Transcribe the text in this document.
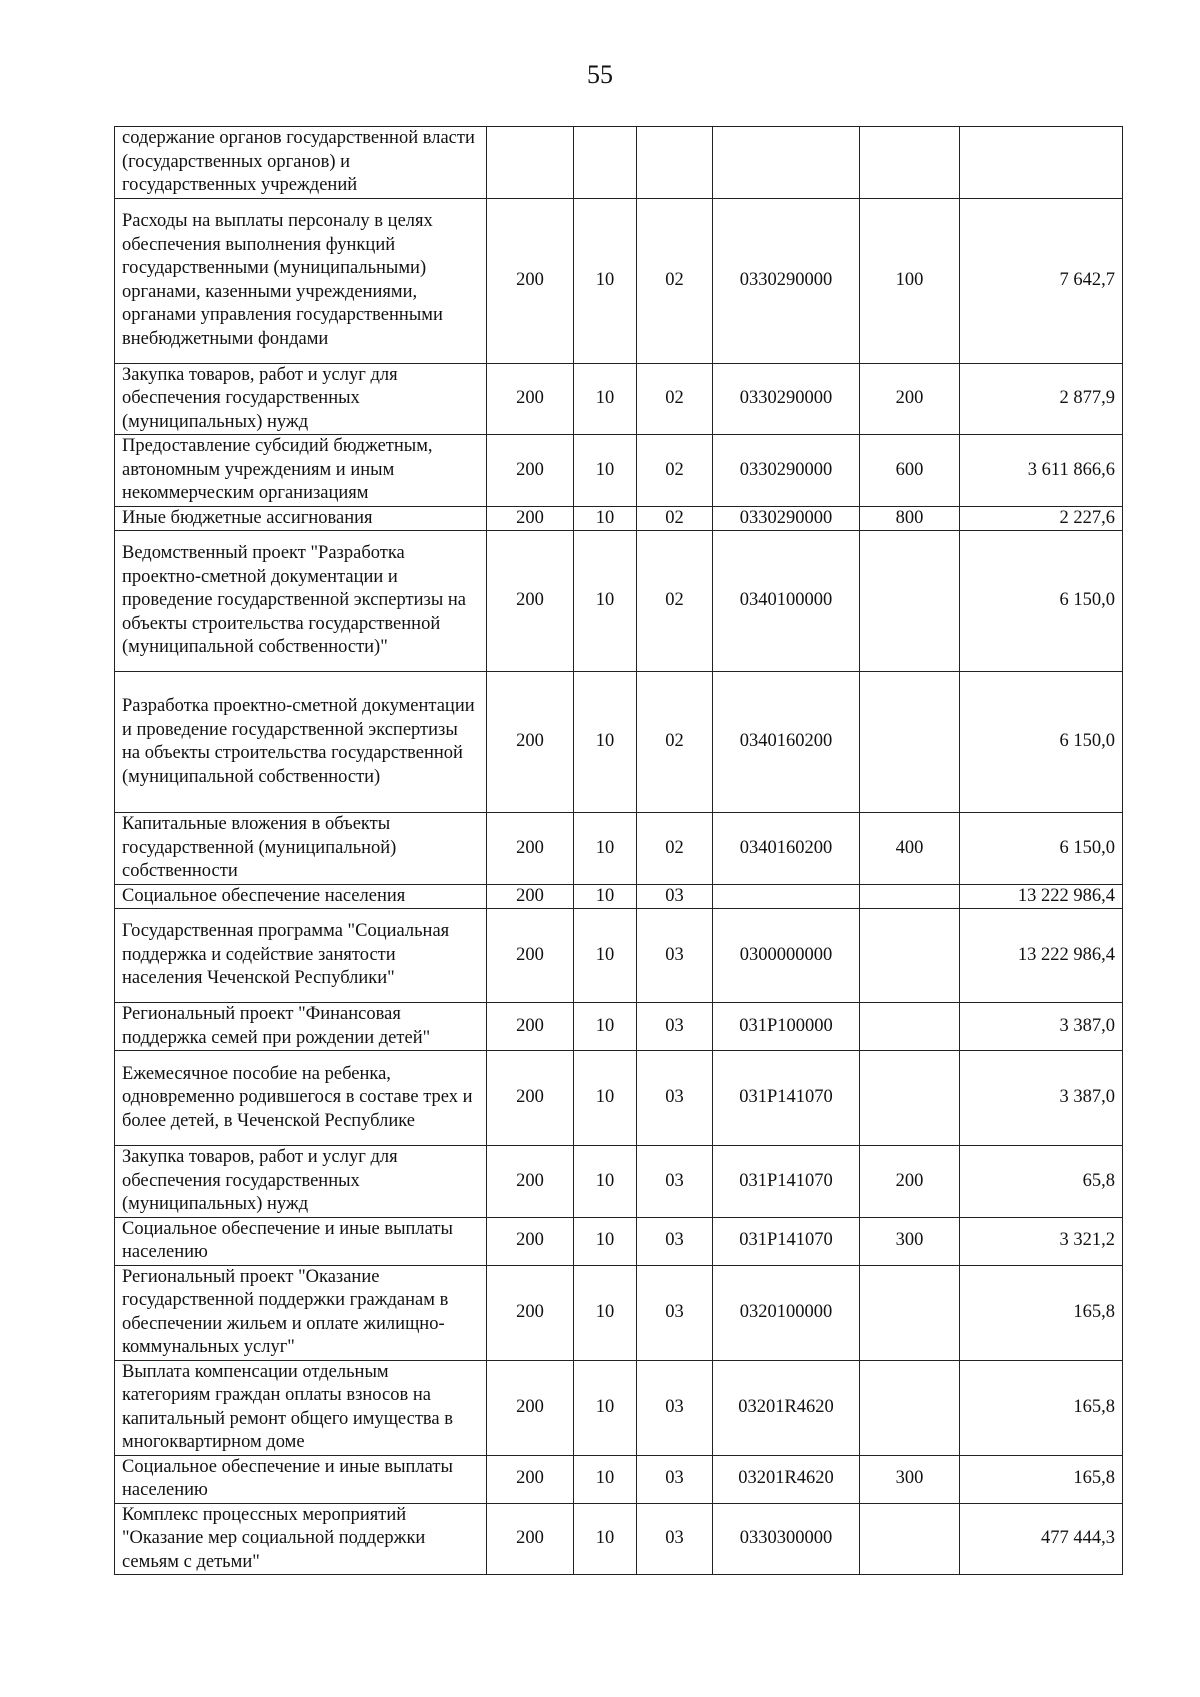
55
содержание органов государственной власти (государственных органов) и государственных учреждений						
Расходы на выплаты персоналу в целях обеспечения выполнения функций государственными (муниципальными) органами, казенными учреждениями, органами управления государственными внебюджетными фондами	200	10	02	0330290000	100	7 642,7
Закупка товаров, работ и услуг для обеспечения государственных (муниципальных) нужд	200	10	02	0330290000	200	2 877,9
Предоставление субсидий бюджетным, автономным учреждениям и иным некоммерческим организациям	200	10	02	0330290000	600	3 611 866,6
Иные бюджетные ассигнования	200	10	02	0330290000	800	2 227,6
Ведомственный проект "Разработка проектно-сметной документации и проведение государственной экспертизы на объекты строительства государственной (муниципальной собственности)"	200	10	02	0340100000		6 150,0
Разработка проектно-сметной документации и проведение государственной экспертизы на объекты строительства государственной (муниципальной собственности)	200	10	02	0340160200		6 150,0
Капитальные вложения в объекты государственной (муниципальной) собственности	200	10	02	0340160200	400	6 150,0
Социальное обеспечение населения	200	10	03			13 222 986,4
Государственная программа "Социальная поддержка и содействие занятости населения Чеченской Республики"	200	10	03	0300000000		13 222 986,4
Региональный проект "Финансовая поддержка семей при рождении детей"	200	10	03	031P100000		3 387,0
Ежемесячное пособие на ребенка, одновременно родившегося в составе трех и более детей, в Чеченской Республике	200	10	03	031P141070		3 387,0
Закупка товаров, работ и услуг для обеспечения государственных (муниципальных) нужд	200	10	03	031P141070	200	65,8
Социальное обеспечение и иные выплаты населению	200	10	03	031P141070	300	3 321,2
Региональный проект "Оказание государственной поддержки гражданам в обеспечении жильем и оплате жилищно-коммунальных услуг"	200	10	03	0320100000		165,8
Выплата компенсации отдельным категориям граждан оплаты взносов на капитальный ремонт общего имущества в многоквартирном доме	200	10	03	03201R4620		165,8
Социальное обеспечение и иные выплаты населению	200	10	03	03201R4620	300	165,8
Комплекс процессных мероприятий "Оказание мер социальной поддержки семьям с детьми"	200	10	03	0330300000		477 444,3
